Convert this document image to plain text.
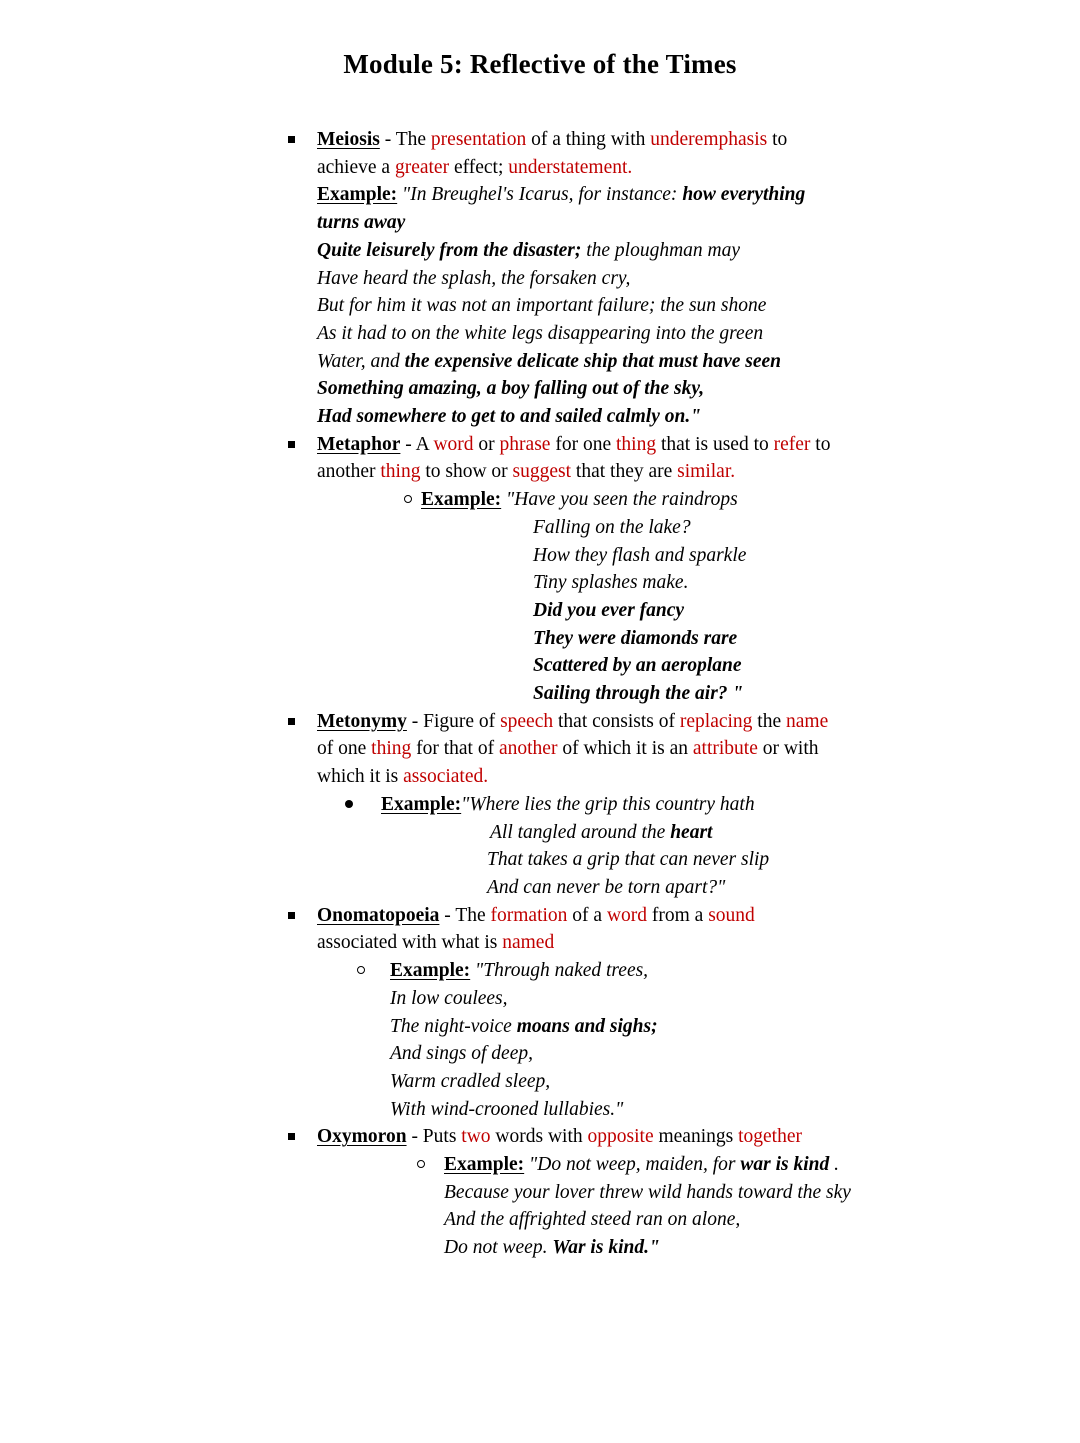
Module 5: Reflective of the Times
Meiosis - The presentation of a thing with underemphasis to
achieve a greater effect; understatement.
Example: "In Breughel's Icarus, for instance: how everything
turns away
Quite leisurely from the disaster; the ploughman may
Have heard the splash, the forsaken cry,
But for him it was not an important failure; the sun shone
As it had to on the white legs disappearing into the green
Water, and the expensive delicate ship that must have seen
Something amazing, a boy falling out of the sky,
Had somewhere to get to and sailed calmly on."
Metaphor - A word or phrase for one thing that is used to refer to
another thing to show or suggest that they are similar.
Example: "Have you seen the raindrops
Falling on the lake?
How they flash and sparkle
Tiny splashes make.
Did you ever fancy
They were diamonds rare
Scattered by an aeroplane
Sailing through the air? "
Metonymy - Figure of speech that consists of replacing the name
of one thing for that of another of which it is an attribute or with
which it is associated.
Example:"Where lies the grip this country hath
All tangled around the heart
That takes a grip that can never slip
And can never be torn apart?"
Onomatopoeia - The formation of a word from a sound
associated with what is named
Example: "Through naked trees,
In low coulees,
The night-voice moans and sighs;
And sings of deep,
Warm cradled sleep,
With wind-crooned lullabies."
Oxymoron - Puts two words with opposite meanings together
Example: "Do not weep, maiden, for war is kind .
Because your lover threw wild hands toward the sky
And the affrighted steed ran on alone,
Do not weep. War is kind."
